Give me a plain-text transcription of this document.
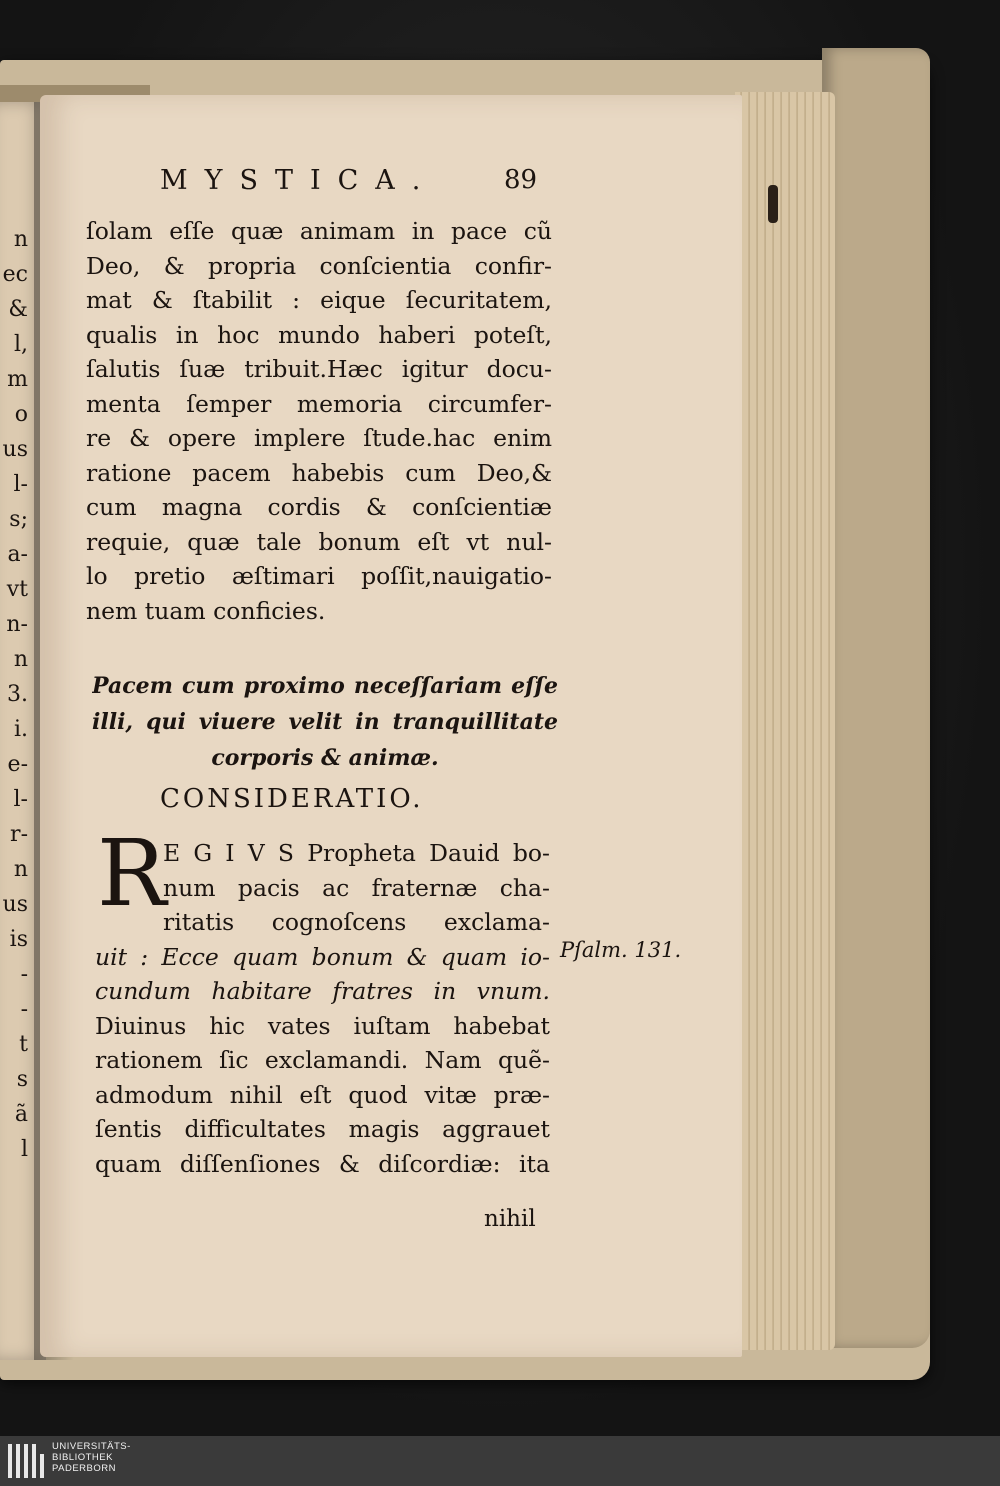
n
ec
&
l,
m
o
us
l-
s;
a-
vt
n-
n
3.
i.
e-
l-
r-
n
us
is
-
-
t
s
ã
l
MYSTICA.	89
ſolam eſſe quæ animam in pace cũ
Deo, & propria conſcientia confir-
mat & ſtabilit : eique ſecuritatem,
qualis in hoc mundo haberi poteſt,
ſalutis ſuæ tribuit.Hæc igitur docu-
menta ſemper memoria circumfer-
re & opere implere ſtude.hac enim
ratione pacem habebis cum Deo,&
cum magna cordis & conſcientiæ
requie, quæ tale bonum eſt vt nul-
lo pretio æſtimari poſſit,nauigatio-
nem tuam conficies.
Pacem cum proximo neceſſariam eſſe
illi, qui viuere velit in tranquillitate
corporis & animæ.
CONSIDERATIO.
R
E G I V S Propheta Dauid bo-
num pacis ac fraternæ cha-
ritatis cognoſcens exclama-
uit : Ecce quam bonum & quam io-
cundum habitare fratres in vnum.
Diuinus hic vates iuſtam habebat
rationem ſic exclamandi. Nam quẽ-
admodum nihil eſt quod vitæ præ-
ſentis difficultates magis aggrauet
quam diſſenſiones & diſcordiæ: ita
Pſalm. 131.
nihil
UNIVERSITÄTS-
BIBLIOTHEK
PADERBORN
